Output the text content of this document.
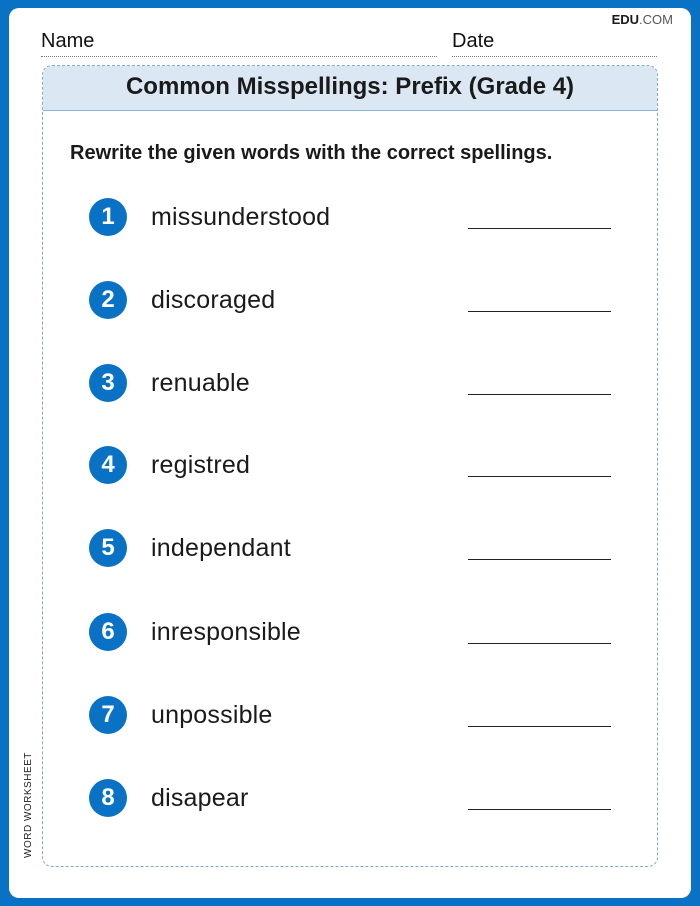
EDU.COM
Name	Date
Common Misspellings: Prefix (Grade 4)
Rewrite the given words with the correct spellings.
1	missunderstood
2	discoraged
3	renuable
4	registred
5	independant
6	inresponsible
7	unpossible
8	disapear
WORD WORKSHEET
